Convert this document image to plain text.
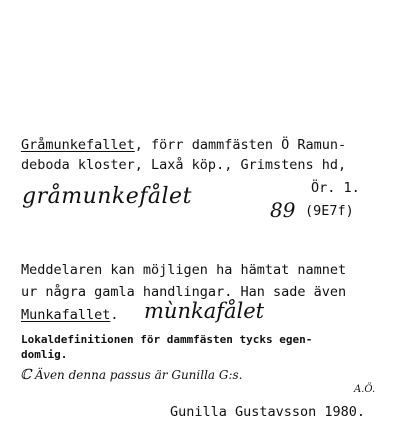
Gråmunkefallet, förr dammfästen Ö Ramun-
deboda kloster, Laxå köp., Grimstens hd,
gråmunkefålet	Ör. 1.
89 (9E7f)
Meddelaren kan möjligen ha hämtat namnet
ur några gamla handlingar. Han sade även
Munkafallet. mùnkafålet
Lokaldefinitionen för dammfästen tycks egen-
domlig.
ℂ Även denna passus är Gunilla G:s.
A.Ö.
Gunilla Gustavsson 1980.
